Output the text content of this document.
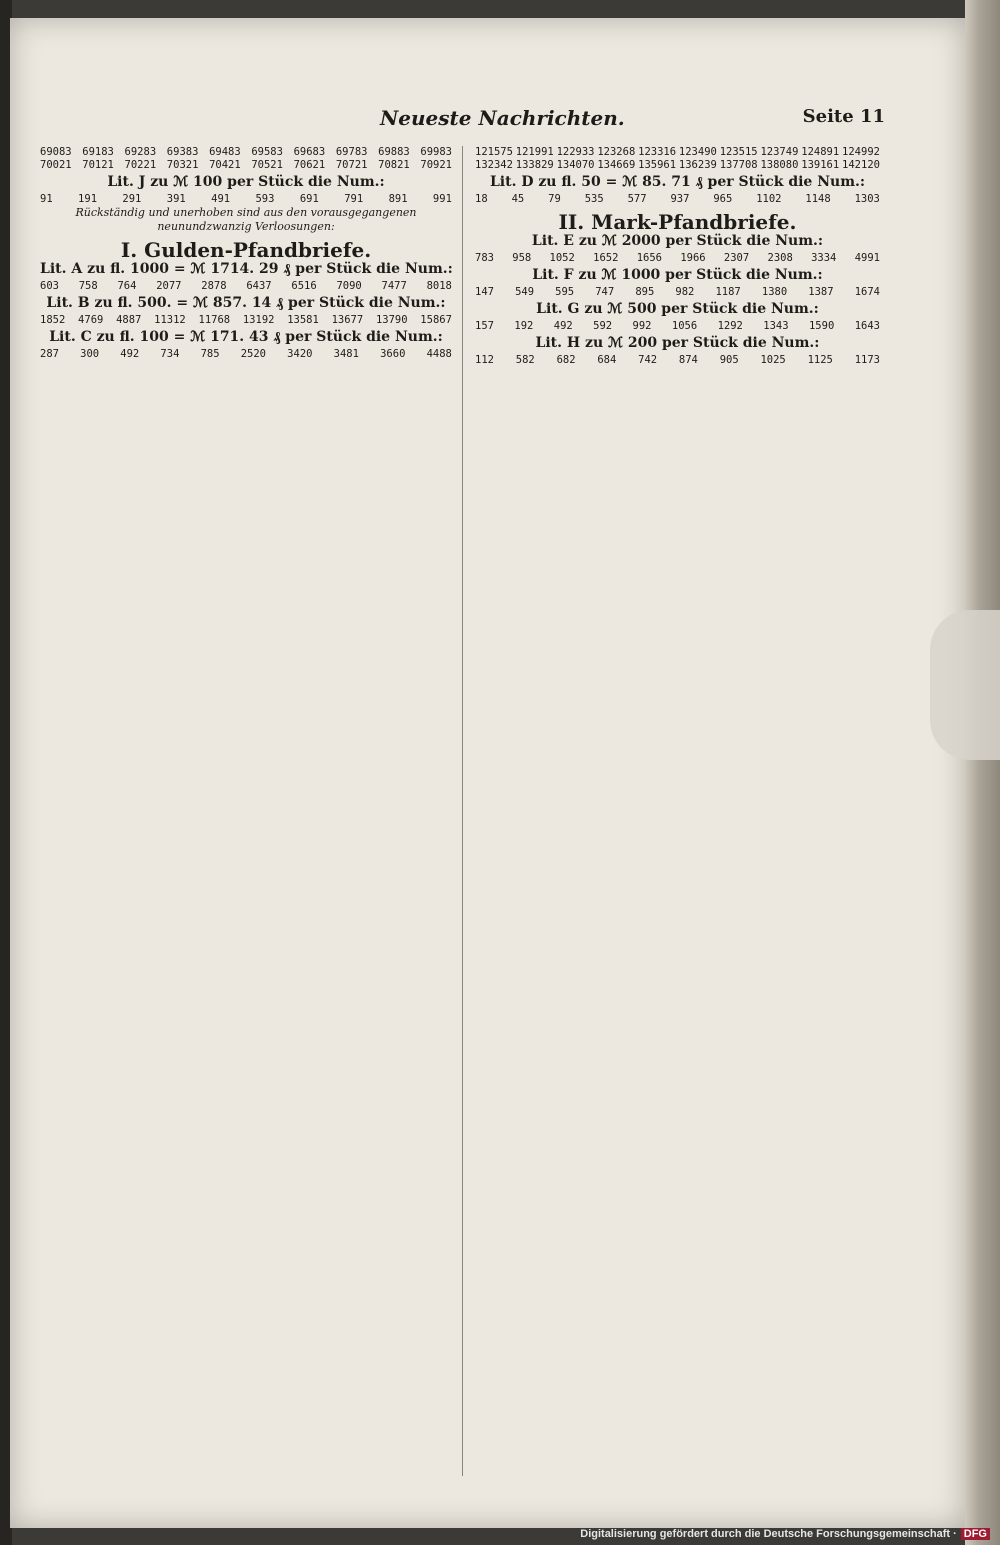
Neueste Nachrichten.	Seite 11
69083 69183 69283 69383 69483 69583 69683 69783 69883 69983
70021 70121 70221 70321 70421 70521 70621 70721 70821 70921
Lit. J zu ℳ 100 per Stück die Num.:
91 191 291 391 491 593 691 791 891 991
Rückständig und unerhoben sind aus den vorausgegangenen neunundzwanzig Verloosungen:
I. Gulden-Pfandbriefe.
Lit. A zu fl. 1000 = ℳ 1714. 29 ₰ per Stück die Num.:
603 758 764 2077 2878 6437 6516 7090 7477 8018
Lit. B zu fl. 500. = ℳ 857. 14 ₰ per Stück die Num.:
1852 4769 4887 11312 11768 13192 13581 13677 13790 15867
Lit. C zu fl. 100 = ℳ 171. 43 ₰ per Stück die Num.:
287 300 492 734 785 2520 3420 3481 3660 4488
121575 121991 122933 123268 123316 123490 123515 123749 124891 124992
132342 133829 134070 134669 135961 136239 137708 138080 139161 142120
Lit. D zu fl. 50 = ℳ 85. 71 ₰ per Stück die Num.:
18 45 79 535 577 937 965 1102 1148 1303
II. Mark-Pfandbriefe.
Lit. E zu ℳ 2000 per Stück die Num.:
783 958 1052 1652 1656 1966 2307 2308 3334 4991
Lit. F zu ℳ 1000 per Stück die Num.:
147 549 595 747 895 982 1187 1380 1387 1674
Lit. G zu ℳ 500 per Stück die Num.:
157 192 492 592 992 1056 1292 1343 1590 1643
Lit. H zu ℳ 200 per Stück die Num.:
112 582 682 684 742 874 905 1025 1125 1173
Digitalisierung gefördert durch die Deutsche Forschungsgemeinschaft · DFG
